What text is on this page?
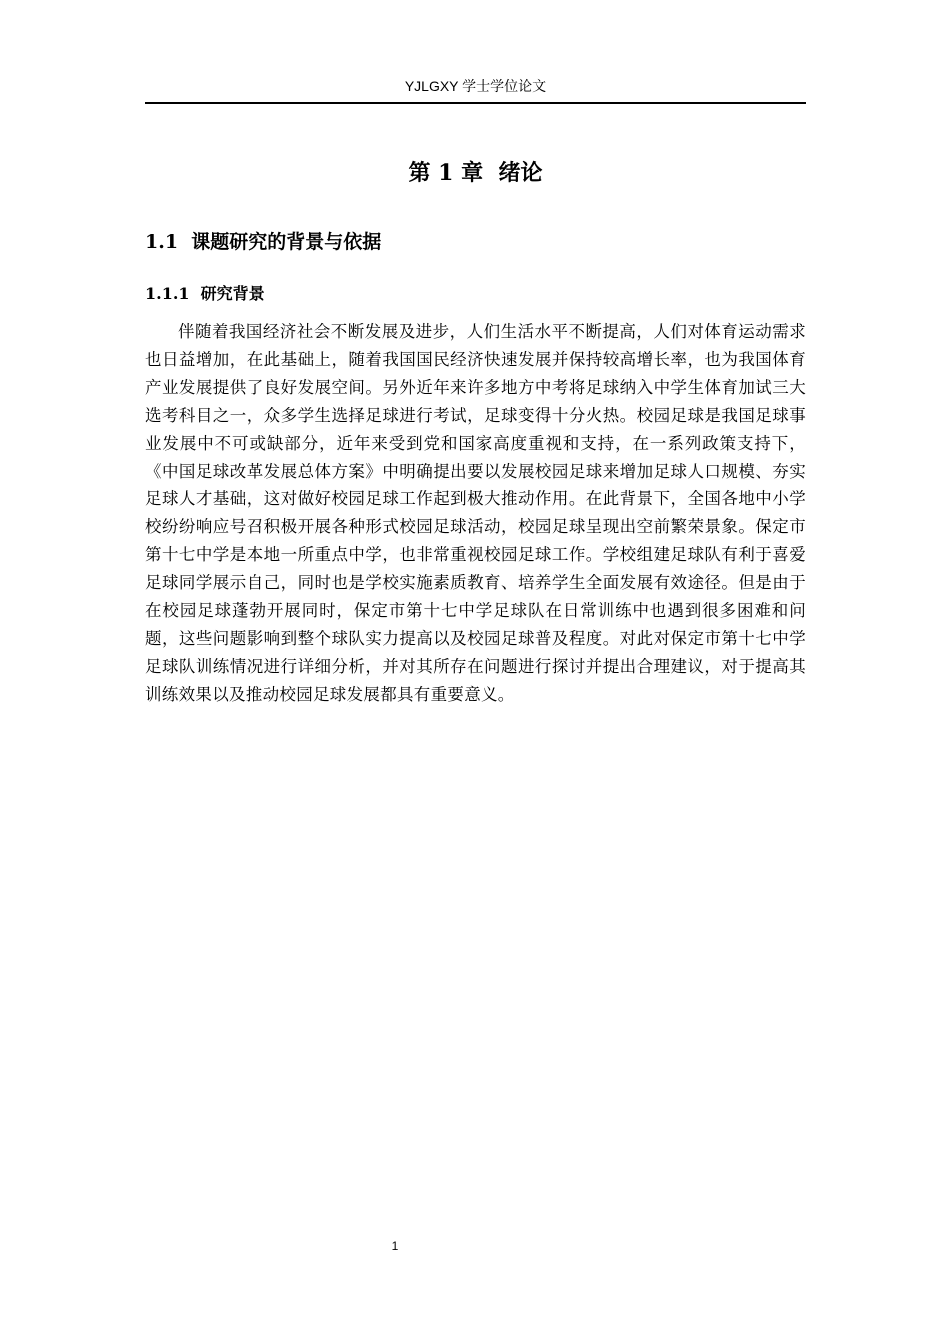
YJLGXY 学士学位论文
第 1 章  绪论
1.1  课题研究的背景与依据
1.1.1  研究背景

伴随着我国经济社会不断发展及进步，人们生活水平不断提高，人们对体育运动需求也日益增加，在此基础上，随着我国国民经济快速发展并保持较高增长率，也为我国体育产业发展提供了良好发展空间。另外近年来许多地方中考将足球纳入中学生体育加试三大选考科目之一，众多学生选择足球进行考试，足球变得十分火热。校园足球是我国足球事业发展中不可或缺部分，近年来受到党和国家高度重视和支持，在一系列政策支持下，《中国足球改革发展总体方案》中明确提出要以发展校园足球来增加足球人口规模、夯实足球人才基础，这对做好校园足球工作起到极大推动作用。在此背景下，全国各地中小学校纷纷响应号召积极开展各种形式校园足球活动，校园足球呈现出空前繁荣景象。保定市第十七中学是本地一所重点中学，也非常重视校园足球工作。学校组建足球队有利于喜爱足球同学展示自己，同时也是学校实施素质教育、培养学生全面发展有效途径。但是由于在校园足球蓬勃开展同时，保定市第十七中学足球队在日常训练中也遇到很多困难和问题，这些问题影响到整个球队实力提高以及校园足球普及程度。对此对保定市第十七中学足球队训练情况进行详细分析，并对其所存在问题进行探讨并提出合理建议，对于提高其训练效果以及推动校园足球发展都具有重要意义。

1
